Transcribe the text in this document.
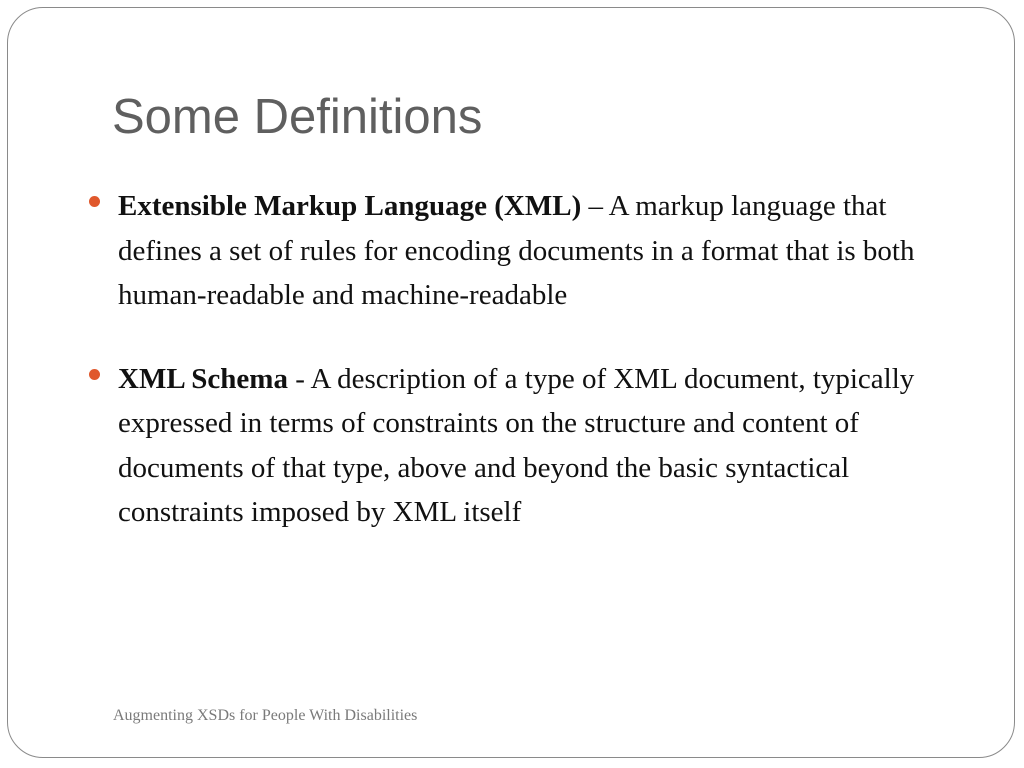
Some Definitions
Extensible Markup Language (XML) – A markup language that defines a set of rules for encoding documents in a format that is both human-readable and machine-readable
XML Schema - A description of a type of XML document, typically expressed in terms of constraints on the structure and content of documents of that type, above and beyond the basic syntactical constraints imposed by XML itself
Augmenting XSDs for People With Disabilities
